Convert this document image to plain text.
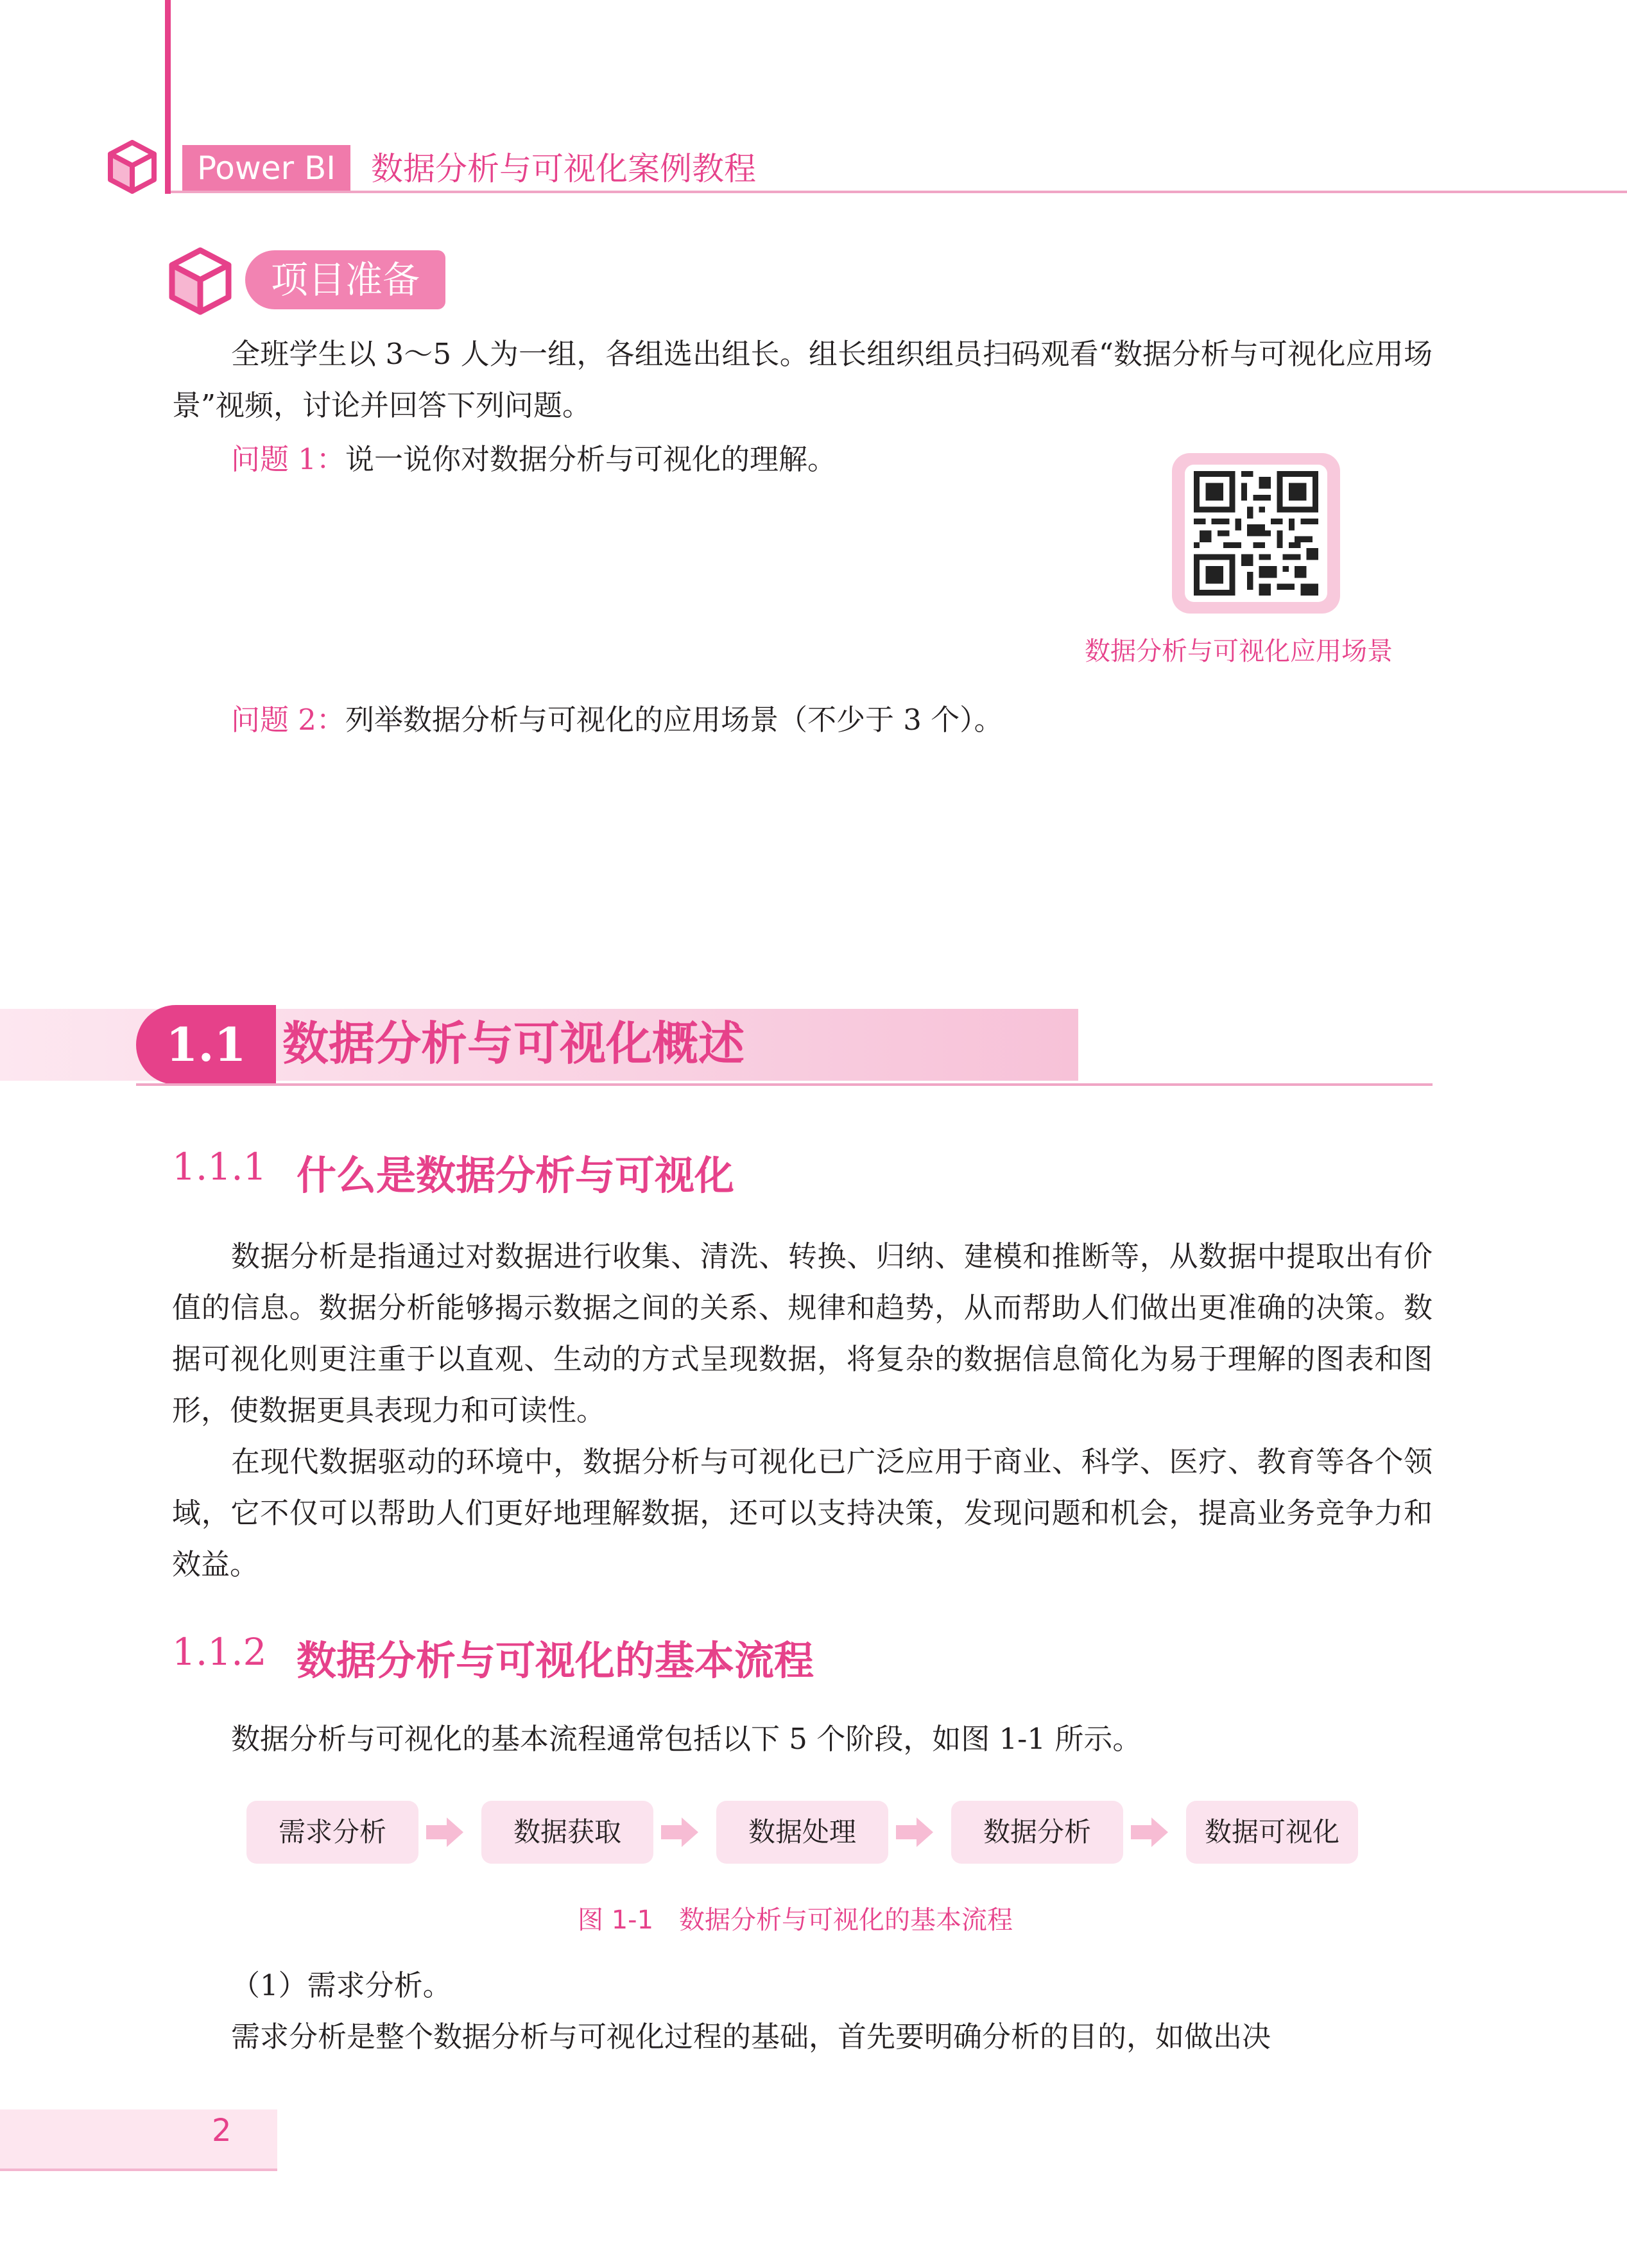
Power BI	数据分析与可视化案例教程
项目准备

全班学生以 3～5 人为一组，各组选出组长。组长组织组员扫码观看“数据分析与可视化应用场景”视频，讨论并回答下列问题。

问题 1：说一说你对数据分析与可视化的理解。
数据分析与可视化应用场景
问题 2：列举数据分析与可视化的应用场景（不少于 3 个）。
1.1 数据分析与可视化概述
1.1.1 什么是数据分析与可视化

数据分析是指通过对数据进行收集、清洗、转换、归纳、建模和推断等，从数据中提取出有价值的信息。数据分析能够揭示数据之间的关系、规律和趋势，从而帮助人们做出更准确的决策。数据可视化则更注重于以直观、生动的方式呈现数据，将复杂的数据信息简化为易于理解的图表和图形，使数据更具表现力和可读性。

在现代数据驱动的环境中，数据分析与可视化已广泛应用于商业、科学、医疗、教育等各个领域，它不仅可以帮助人们更好地理解数据，还可以支持决策，发现问题和机会，提高业务竞争力和效益。

1.1.2 数据分析与可视化的基本流程
数据分析与可视化的基本流程通常包括以下 5 个阶段，如图 1-1 所示。
需求分析	数据获取	数据处理	数据分析	数据可视化
图 1-1　数据分析与可视化的基本流程
（1）需求分析。
需求分析是整个数据分析与可视化过程的基础，首先要明确分析的目的，如做出决
2
